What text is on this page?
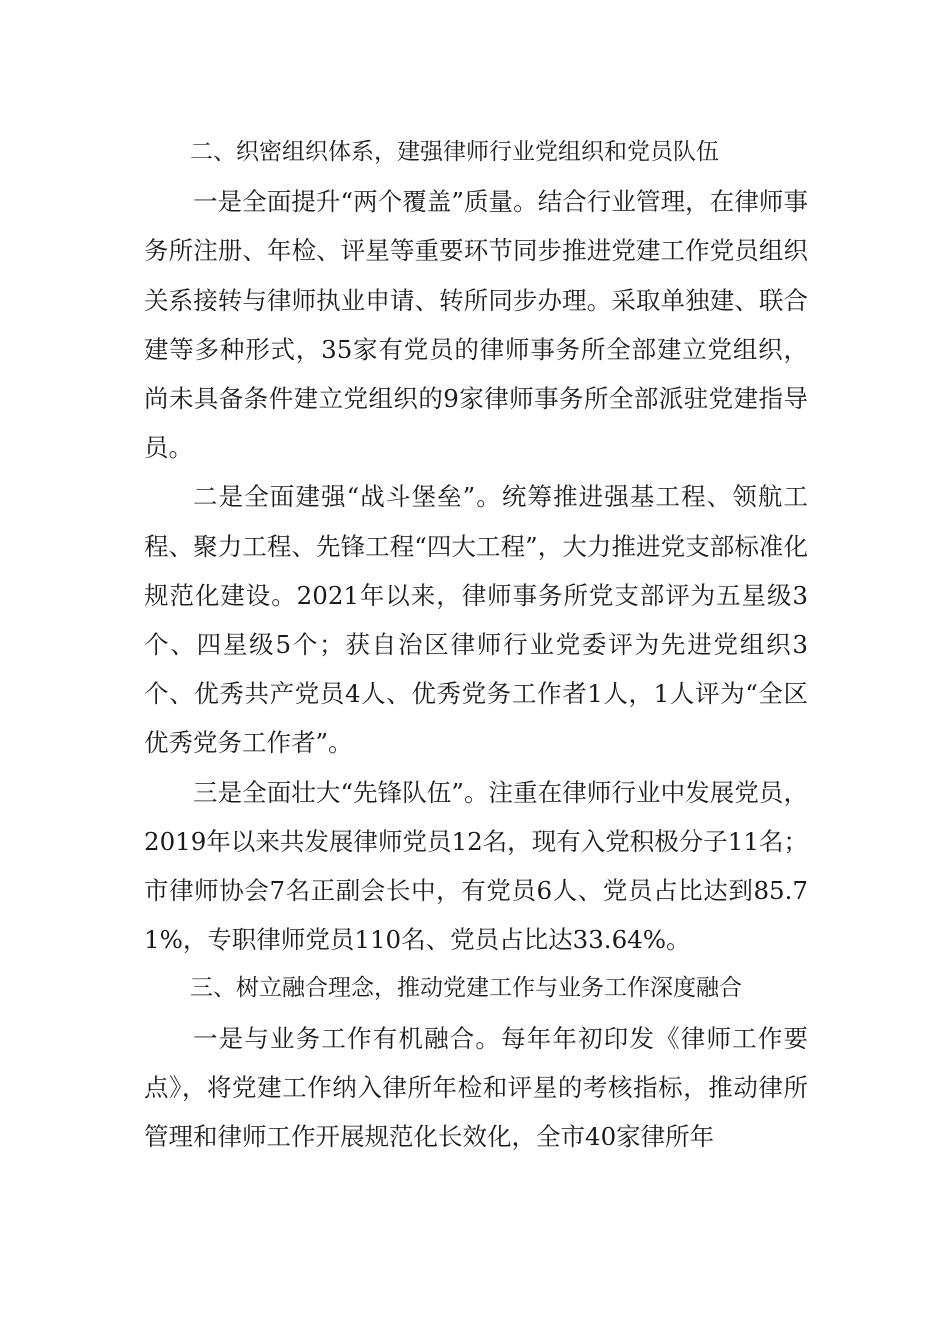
二、织密组织体系，建强律师行业党组织和党员队伍

一是全面提升“两个覆盖”质量。结合行业管理，在律师事务所注册、年检、评星等重要环节同步推进党建工作党员组织关系接转与律师执业申请、转所同步办理。采取单独建、联合建等多种形式，35家有党员的律师事务所全部建立党组织，尚未具备条件建立党组织的9家律师事务所全部派驻党建指导员。

二是全面建强“战斗堡垒”。统筹推进强基工程、领航工程、聚力工程、先锋工程“四大工程”，大力推进党支部标准化规范化建设。2021年以来，律师事务所党支部评为五星级3个、四星级5个；获自治区律师行业党委评为先进党组织3个、优秀共产党员4人、优秀党务工作者1人，1人评为“全区优秀党务工作者”。

三是全面壮大“先锋队伍”。注重在律师行业中发展党员，2019年以来共发展律师党员12名，现有入党积极分子11名；市律师协会7名正副会长中，有党员6人、党员占比达到85.71%，专职律师党员110名、党员占比达33.64%。

三、树立融合理念，推动党建工作与业务工作深度融合

一是与业务工作有机融合。每年年初印发《律师工作要点》，将党建工作纳入律所年检和评星的考核指标，推动律所管理和律师工作开展规范化长效化，全市40家律所年
